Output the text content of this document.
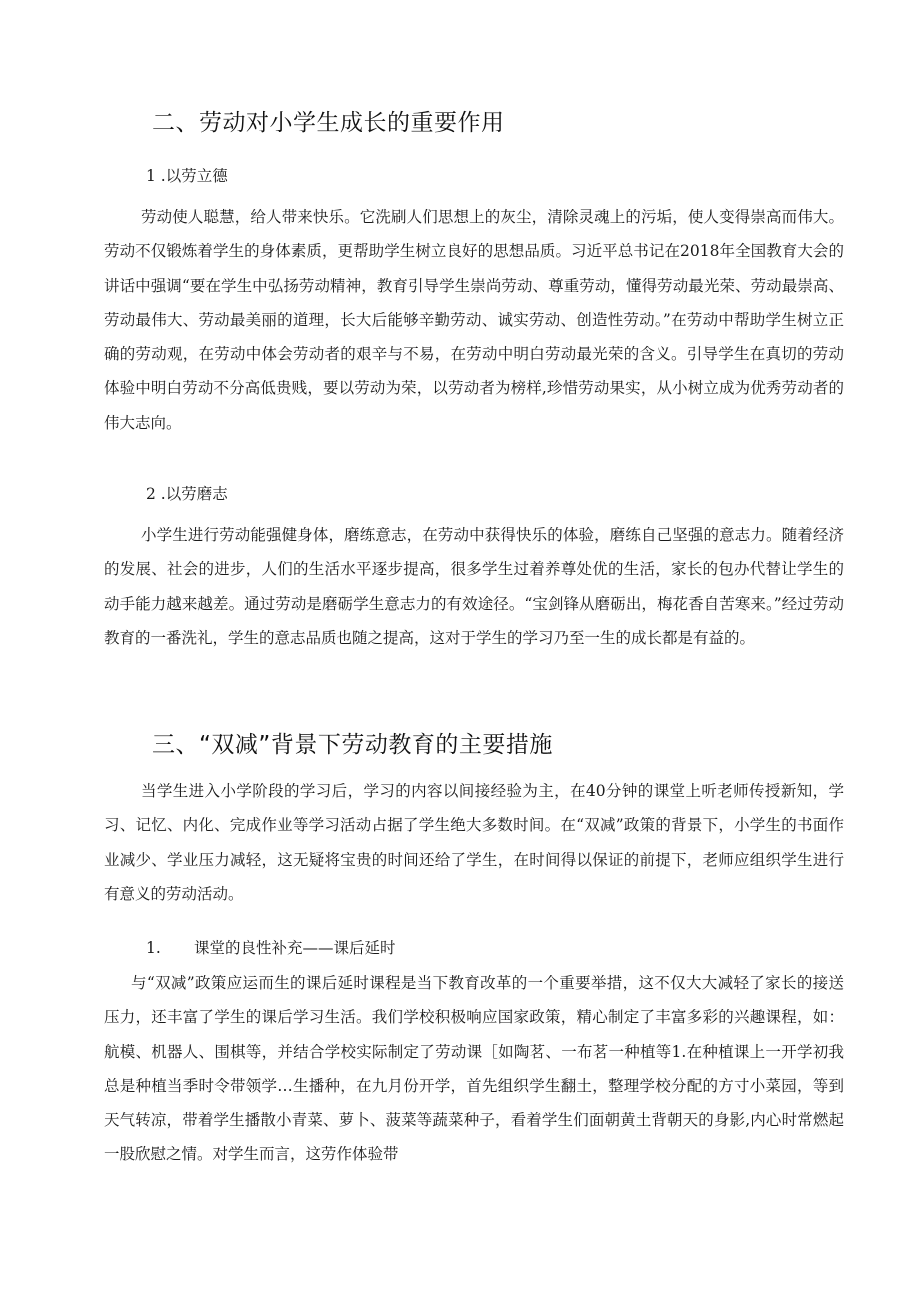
二、劳动对小学生成长的重要作用

1 .以劳立德

劳动使人聪慧，给人带来快乐。它洗刷人们思想上的灰尘，清除灵魂上的污垢，使人变得崇高而伟大。劳动不仅锻炼着学生的身体素质，更帮助学生树立良好的思想品质。习近平总书记在2018年全国教育大会的讲话中强调“要在学生中弘扬劳动精神，教育引导学生崇尚劳动、尊重劳动，懂得劳动最光荣、劳动最崇高、劳动最伟大、劳动最美丽的道理，长大后能够辛勤劳动、诚实劳动、创造性劳动。”在劳动中帮助学生树立正确的劳动观，在劳动中体会劳动者的艰辛与不易，在劳动中明白劳动最光荣的含义。引导学生在真切的劳动体验中明白劳动不分高低贵贱，要以劳动为荣，以劳动者为榜样,珍惜劳动果实，从小树立成为优秀劳动者的伟大志向。

2 .以劳磨志

小学生进行劳动能强健身体，磨练意志，在劳动中获得快乐的体验，磨练自己坚强的意志力。随着经济的发展、社会的进步，人们的生活水平逐步提高，很多学生过着养尊处优的生活，家长的包办代替让学生的动手能力越来越差。通过劳动是磨砺学生意志力的有效途径。“宝剑锋从磨砺出，梅花香自苦寒来。”经过劳动教育的一番洗礼，学生的意志品质也随之提高，这对于学生的学习乃至一生的成长都是有益的。

三、“双减”背景下劳动教育的主要措施

当学生进入小学阶段的学习后，学习的内容以间接经验为主，在40分钟的课堂上听老师传授新知，学习、记忆、内化、完成作业等学习活动占据了学生绝大多数时间。在“双减”政策的背景下，小学生的书面作业减少、学业压力减轻，这无疑将宝贵的时间还给了学生，在时间得以保证的前提下，老师应组织学生进行有意义的劳动活动。

1. 课堂的良性补充——课后延时

与“双减”政策应运而生的课后延时课程是当下教育改革的一个重要举措，这不仅大大减轻了家长的接送压力，还丰富了学生的课后学习生活。我们学校积极响应国家政策，精心制定了丰富多彩的兴趣课程，如：航模、机器人、围棋等，并结合学校实际制定了劳动课［如陶茗、一布茗一种植等1.在种植课上一开学初我总是种植当季时令带领学…生播种，在九月份开学，首先组织学生翻土，整理学校分配的方寸小菜园，等到天气转凉，带着学生播散小青菜、萝卜、菠菜等蔬菜种子，看着学生们面朝黄土背朝天的身影,内心时常燃起一股欣慰之情。对学生而言，这劳作体验带
